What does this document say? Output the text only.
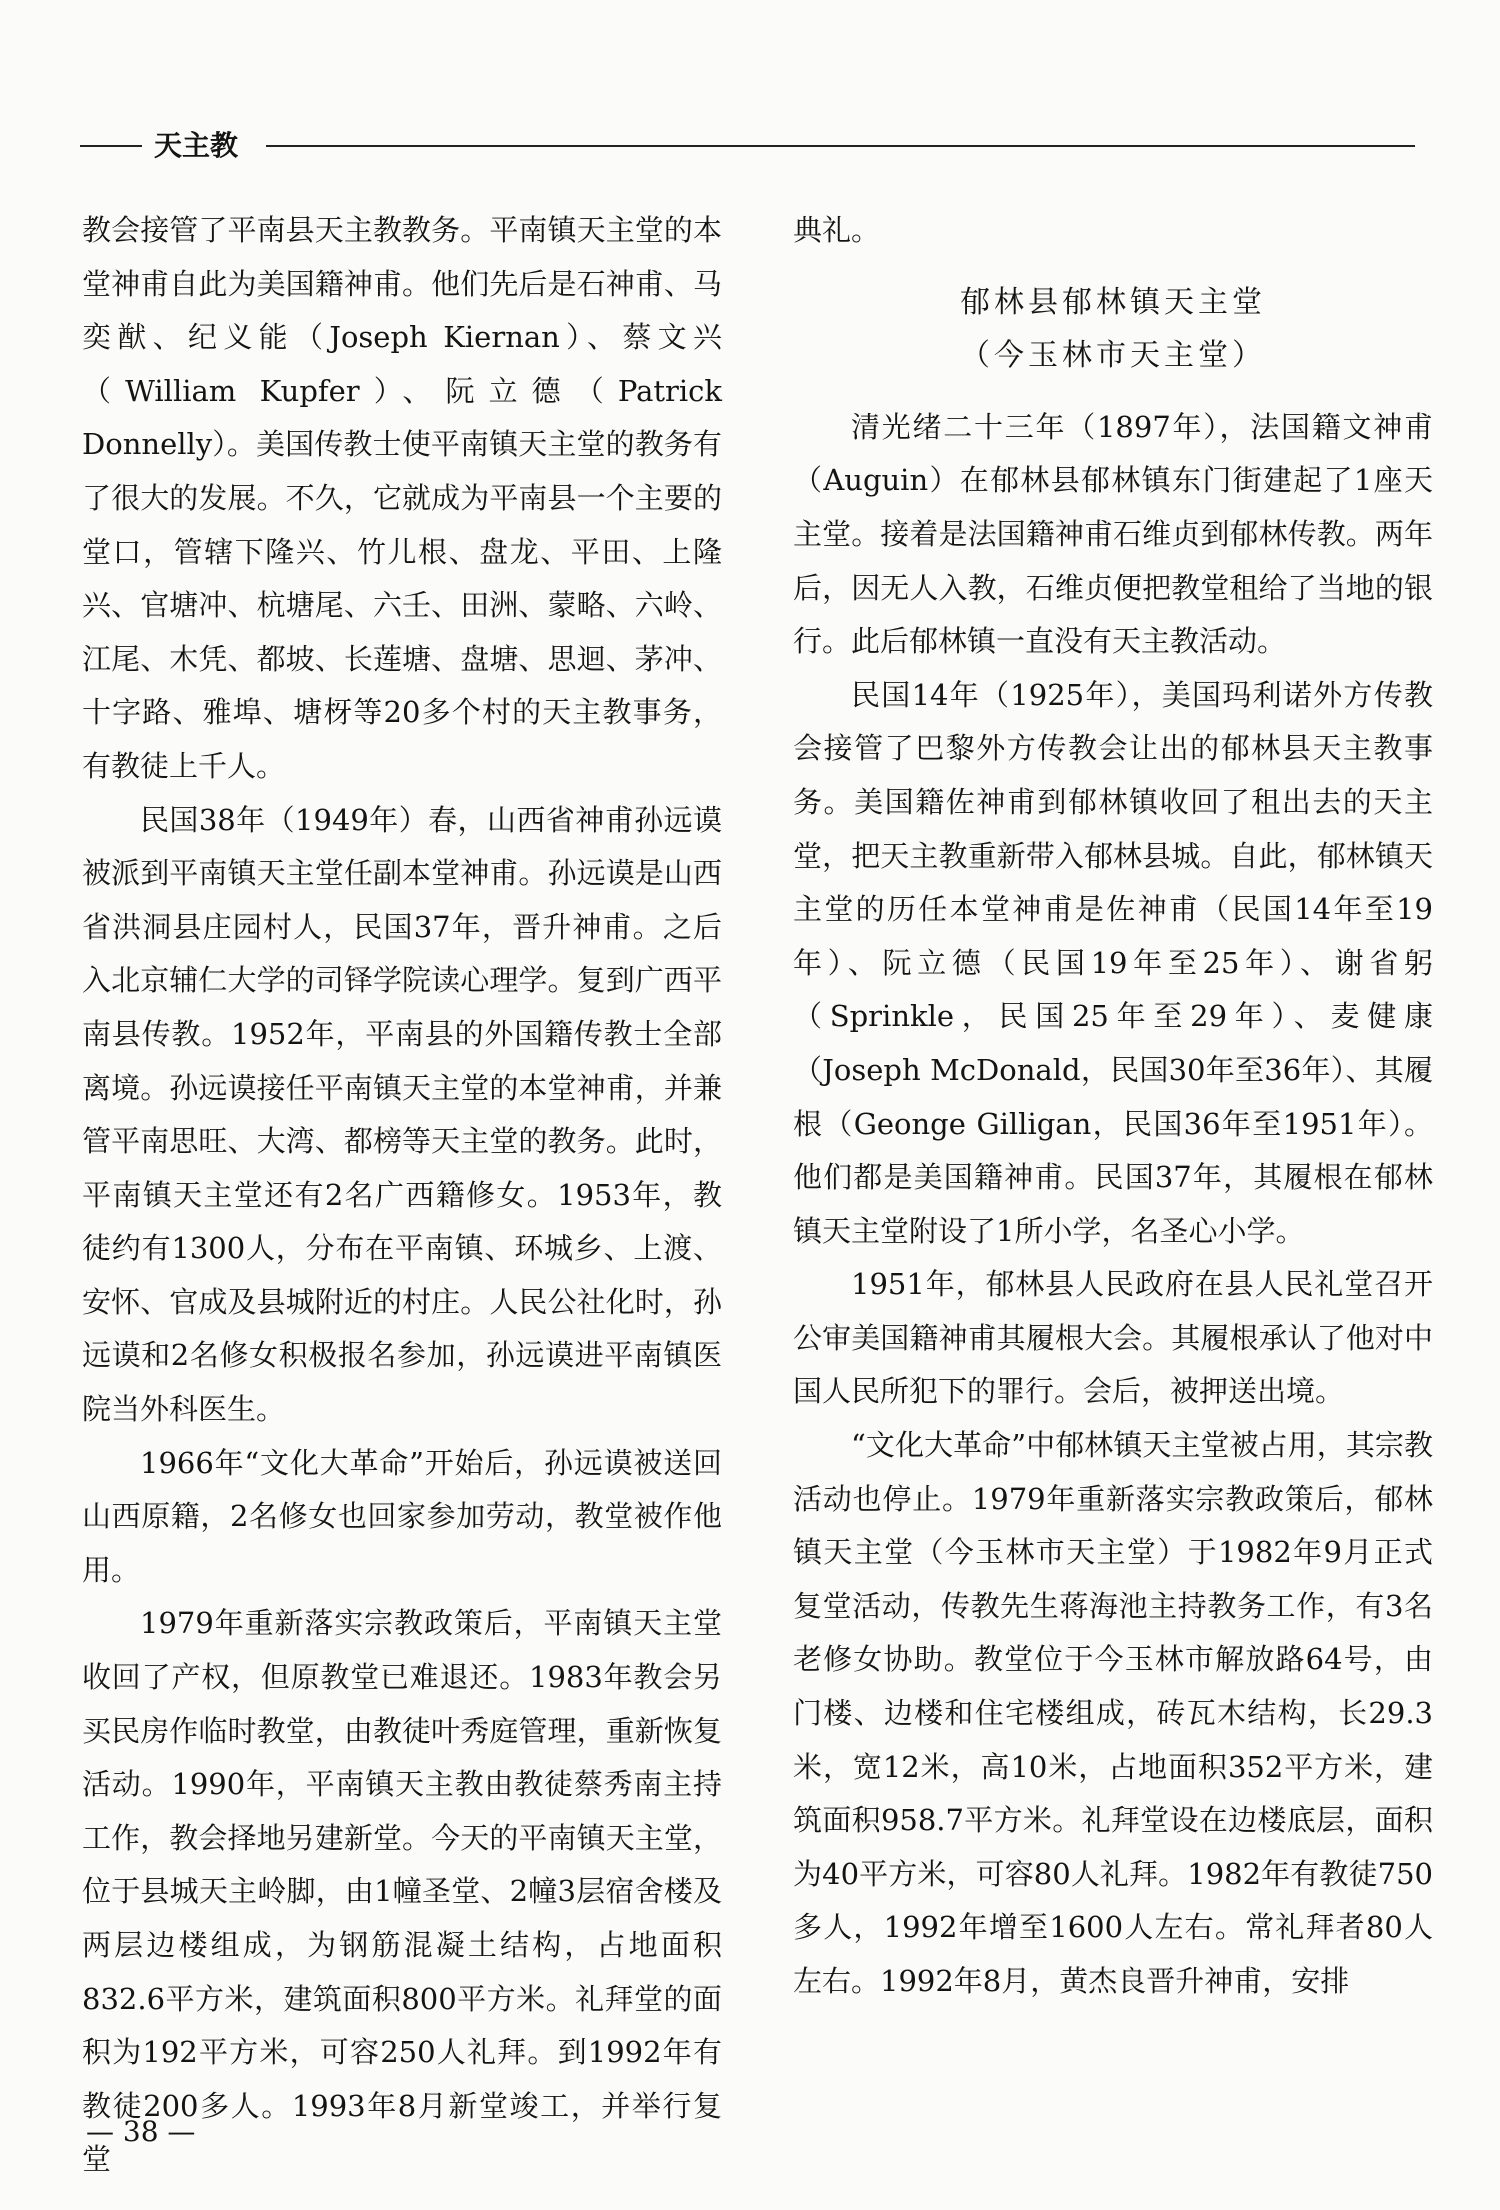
天主教

教会接管了平南县天主教教务。平南镇天主堂的本堂神甫自此为美国籍神甫。他们先后是石神甫、马奕猷、纪义能（Joseph Kiernan）、蔡文兴（William Kupfer）、阮立德（Patrick Donnelly）。美国传教士使平南镇天主堂的教务有了很大的发展。不久，它就成为平南县一个主要的堂口，管辖下隆兴、竹儿根、盘龙、平田、上隆兴、官塘冲、杭塘尾、六壬、田洲、蒙略、六岭、江尾、木凭、都坡、长莲塘、盘塘、思迴、茅冲、十字路、雅埠、塘枒等20多个村的天主教事务，有教徒上千人。

民国38年（1949年）春，山西省神甫孙远谟被派到平南镇天主堂任副本堂神甫。孙远谟是山西省洪洞县庄园村人，民国37年，晋升神甫。之后入北京辅仁大学的司铎学院读心理学。复到广西平南县传教。1952年，平南县的外国籍传教士全部离境。孙远谟接任平南镇天主堂的本堂神甫，并兼管平南思旺、大湾、都榜等天主堂的教务。此时，平南镇天主堂还有2名广西籍修女。1953年，教徒约有1300人，分布在平南镇、环城乡、上渡、安怀、官成及县城附近的村庄。人民公社化时，孙远谟和2名修女积极报名参加，孙远谟进平南镇医院当外科医生。

1966年“文化大革命”开始后，孙远谟被送回山西原籍，2名修女也回家参加劳动，教堂被作他用。

1979年重新落实宗教政策后，平南镇天主堂收回了产权，但原教堂已难退还。1983年教会另买民房作临时教堂，由教徒叶秀庭管理，重新恢复活动。1990年，平南镇天主教由教徒蔡秀南主持工作，教会择地另建新堂。今天的平南镇天主堂，位于县城天主岭脚，由1幢圣堂、2幢3层宿舍楼及两层边楼组成，为钢筋混凝土结构，占地面积832.6平方米，建筑面积800平方米。礼拜堂的面积为192平方米，可容250人礼拜。到1992年有教徒200多人。1993年8月新堂竣工，并举行复堂

典礼。

郁林县郁林镇天主堂
（今玉林市天主堂）

清光绪二十三年（1897年），法国籍文神甫（Auguin）在郁林县郁林镇东门街建起了1座天主堂。接着是法国籍神甫石维贞到郁林传教。两年后，因无人入教，石维贞便把教堂租给了当地的银行。此后郁林镇一直没有天主教活动。

民国14年（1925年），美国玛利诺外方传教会接管了巴黎外方传教会让出的郁林县天主教事务。美国籍佐神甫到郁林镇收回了租出去的天主堂，把天主教重新带入郁林县城。自此，郁林镇天主堂的历任本堂神甫是佐神甫（民国14年至19年）、阮立德（民国19年至25年）、谢省躬（Sprinkle，民国25年至29年）、麦健康（Joseph McDonald，民国30年至36年）、其履根（Geonge Gilligan，民国36年至1951年）。他们都是美国籍神甫。民国37年，其履根在郁林镇天主堂附设了1所小学，名圣心小学。

1951年，郁林县人民政府在县人民礼堂召开公审美国籍神甫其履根大会。其履根承认了他对中国人民所犯下的罪行。会后，被押送出境。

“文化大革命”中郁林镇天主堂被占用，其宗教活动也停止。1979年重新落实宗教政策后，郁林镇天主堂（今玉林市天主堂）于1982年9月正式复堂活动，传教先生蒋海池主持教务工作，有3名老修女协助。教堂位于今玉林市解放路64号，由门楼、边楼和住宅楼组成，砖瓦木结构，长29.3米，宽12米，高10米，占地面积352平方米，建筑面积958.7平方米。礼拜堂设在边楼底层，面积为40平方米，可容80人礼拜。1982年有教徒750多人，1992年增至1600人左右。常礼拜者80人左右。1992年8月，黄杰良晋升神甫，安排

— 38 —
